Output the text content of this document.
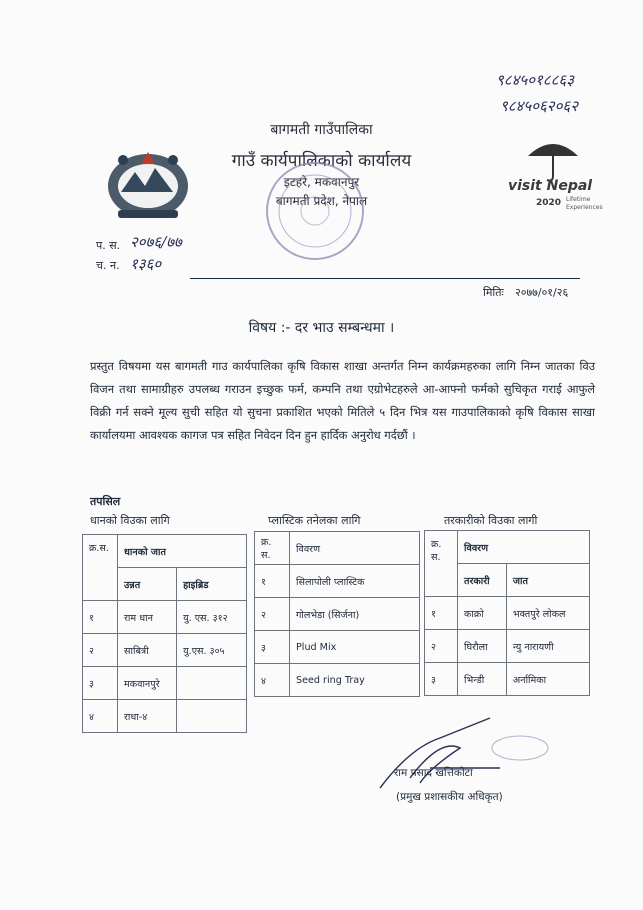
९८४५०१८८६३
९८४५०६२०६२
बागमती गाउँपालिका
गाउँ कार्यपालिकाको कार्यालय
इटहरे, मकवानपुर
बागमती प्रदेश, नेपाल
visit Nepal
2020 Lifetime
Experiences
प. स. २०७६/७७
च. न. १३६०
मितिः २०७७/०१/२६
विषय :- दर भाउ सम्बन्धमा ।
प्रस्तुत विषयमा यस बागमती गाउ कार्यपालिका कृषि विकास शाखा अन्तर्गत निम्न कार्यक्रमहरुका लागि निम्न जातका विउ विजन तथा सामाग्रीहरु उपलब्ध गराउन इच्छुक फर्म, कम्पनि तथा एग्रोभेटहरुले आ-आफ्नो फर्मको सुचिकृत गराई आफुले विक्री गर्न सक्ने मूल्य सुची सहित यो सुचना प्रकाशित भएको मितिले ५ दिन भित्र यस गाउपालिकाको कृषि विकास साखा कार्यालयमा आवश्यक कागज पत्र सहित निवेदन दिन हुन हार्दिक अनुरोध गर्दछौं ।
तपसिल
धानको विउका लागि	प्लास्टिक तनेलका लागि	तरकारीको विउका लागी
क्र.स.	धानको जात	
	उन्नत	हाइब्रिड
१	राम धान	यु. एस. ३१२
२	साबित्री	यु.एस. ३०५
३	मकवानपुरे	
४	राधा-४	
क्र. स.	विवरण
१	सिलापोली प्लास्टिक
२	गोलभेडा (सिर्जना)
३	Plud Mix
४	Seed ring Tray
क्र. स.	विवरण	
	तरकारी	जात
१	काक्रो	भक्तपुरे लोकल
२	घिरौला	न्यु नारायणी
३	भिन्डी	अर्नामिका
राम प्रसाद खत्तिकोटा
(प्रमुख प्रशासकीय अधिकृत)
